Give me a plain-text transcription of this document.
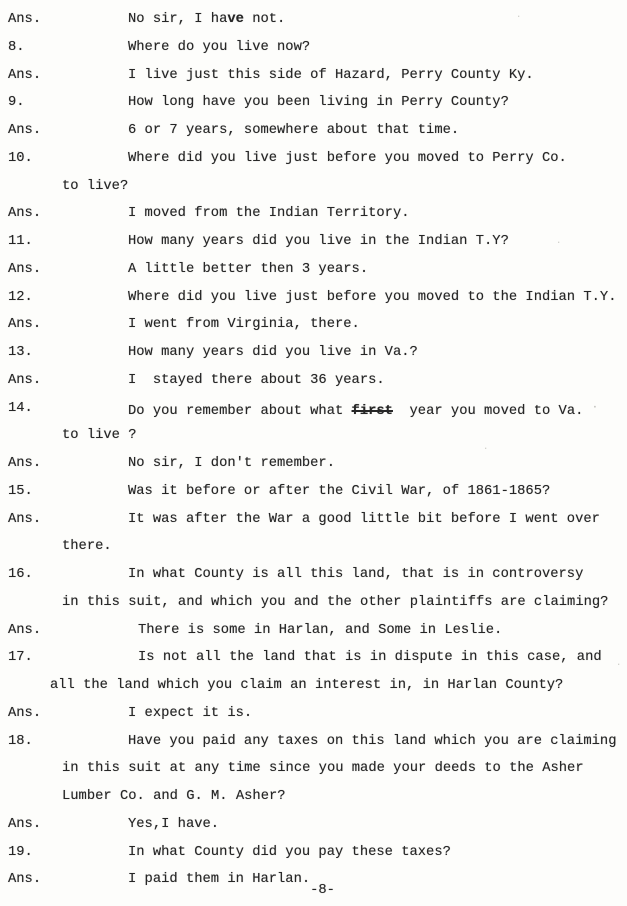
Ans.	No sir, I have not.
8.	Where do you live now?
Ans.	I live just this side of Hazard, Perry County Ky.
9.	How long have you been living in Perry County?
Ans.	6 or 7 years, somewhere about that time.
10.	Where did you live just before you moved to Perry Co.
to live?
Ans.	I moved from the Indian Territory.
11.	How many years did you live in the Indian T.Y?
Ans.	A little better then 3 years.
12.	Where did you live just before you moved to the Indian T.Y.
Ans.	I went from Virginia, there.
13.	How many years did you live in Va.?
Ans.	I  stayed there about 36 years.
14.	Do you remember about what first  year you moved to Va. ·
to live ?
Ans.	No sir, I don't remember.
15.	Was it before or after the Civil War, of 1861-1865?
Ans.	It was after the War a good little bit before I went over
there.
16.	In what County is all this land, that is in controversy
in this suit, and which you and the other plaintiffs are claiming?
Ans.	There is some in Harlan, and Some in Leslie.
17.	Is not all the land that is in dispute in this case, and
all the land which you claim an interest in, in Harlan County?
Ans.	I expect it is.
18.	Have you paid any taxes on this land which you are claiming
in this suit at any time since you made your deeds to the Asher
Lumber Co. and G. M. Asher?
Ans.	Yes,I have.
19.	In what County did you pay these taxes?
Ans.	I paid them in Harlan.
-8-
·
·
·
·
